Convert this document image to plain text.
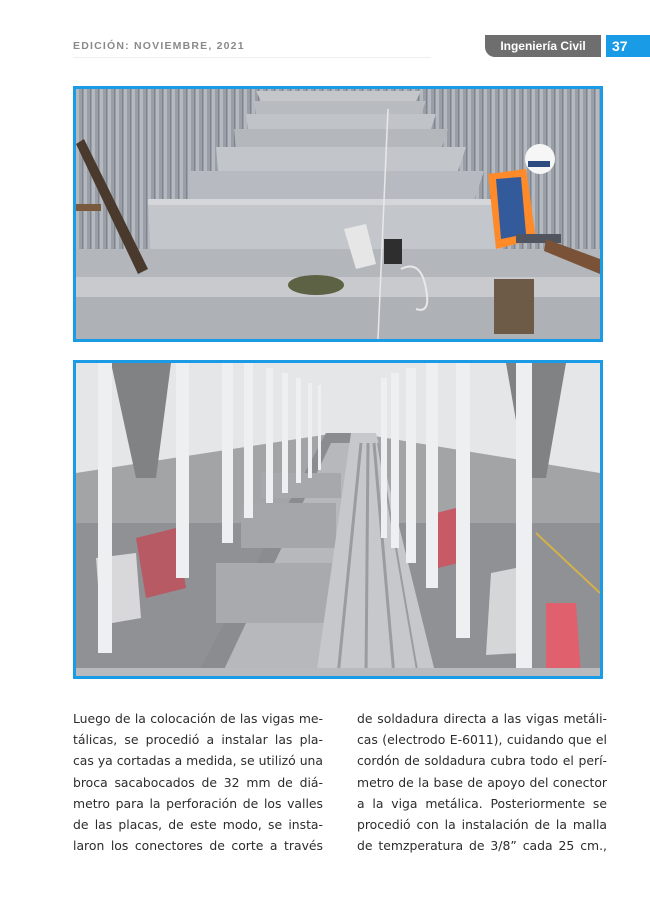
EDICIÓN: NOVIEMBRE, 2021	Ingeniería Civil 37
Luego de la colocación de las vigas me-
tálicas, se procedió a instalar las pla-
cas ya cortadas a medida, se utilizó una
broca sacabocados de 32 mm de diá-
metro para la perforación de los valles
de las placas, de este modo, se insta-
laron los conectores de corte a través
de soldadura directa a las vigas metáli-
cas (electrodo E-6011), cuidando que el
cordón de soldadura cubra todo el perí-
metro de la base de apoyo del conector
a la viga metálica. Posteriormente se
procedió con la instalación de la malla
de temzperatura de 3/8” cada 25 cm.,
